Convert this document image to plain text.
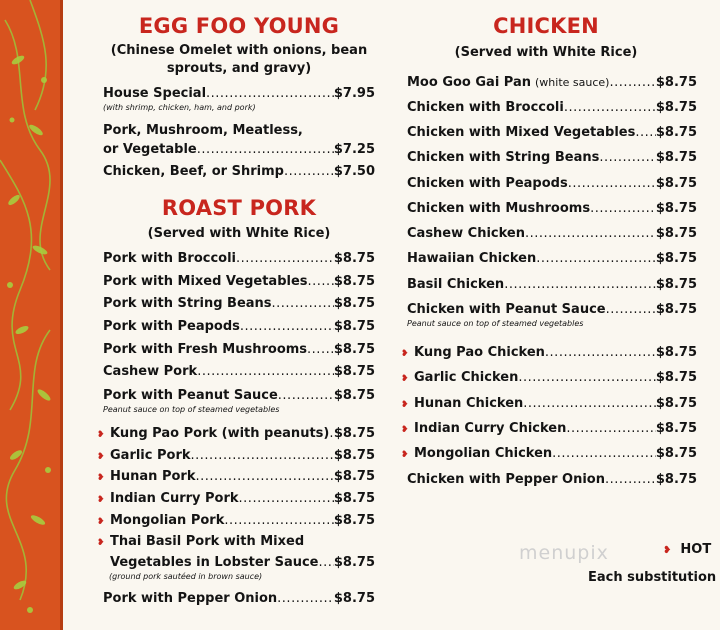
EGG FOO YOUNG
(Chinese Omelet with onions, bean
sprouts, and gravy)
House Special .....	$7.95
(with shrimp, chicken, ham, and pork)
Pork, Mushroom, Meatless,
or Vegetable .....	$7.25
Chicken, Beef, or Shrimp .....	$7.50
ROAST PORK
(Served with White Rice)
Pork with Broccoli .....	$8.75
Pork with Mixed Vegetables ..... $8.75
Pork with String Beans .....	$8.75
Pork with Peapods .....	$8.75
Pork with Fresh Mushrooms ..... $8.75
Cashew Pork .....	$8.75
Pork with Peanut Sauce .....	$8.75
Peanut sauce on top of steamed vegetables
❥ Kung Pao Pork (with peanuts) ..... $8.75
❥ Garlic Pork .....	$8.75
❥ Hunan Pork .....	$8.75
❥ Indian Curry Pork .....	$8.75
❥ Mongolian Pork .....	$8.75
❥ Thai Basil Pork with Mixed
Vegetables in Lobster Sauce ..... $8.75
(ground pork sautéed in brown sauce)
Pork with Pepper Onion .....	$8.75
CHICKEN
(Served with White Rice)
Moo Goo Gai Pan (white sauce) .....	$8.75
Chicken with Broccoli .....	$8.75
Chicken with Mixed Vegetables ..... $8.75
Chicken with String Beans .....	$8.75
Chicken with Peapods .....	$8.75
Chicken with Mushrooms .....	$8.75
Cashew Chicken .....	$8.75
Hawaiian Chicken .....	$8.75
Basil Chicken .....	$8.75
Chicken with Peanut Sauce .....	$8.75
Peanut sauce on top of steamed vegetables
❥ Kung Pao Chicken .....	$8.75
❥ Garlic Chicken .....	$8.75
❥ Hunan Chicken .....	$8.75
❥ Indian Curry Chicken .....	$8.75
❥ Mongolian Chicken .....	$8.75
Chicken with Pepper Onion .....	$8.75
menupix	❥ HOT
Each substitution
